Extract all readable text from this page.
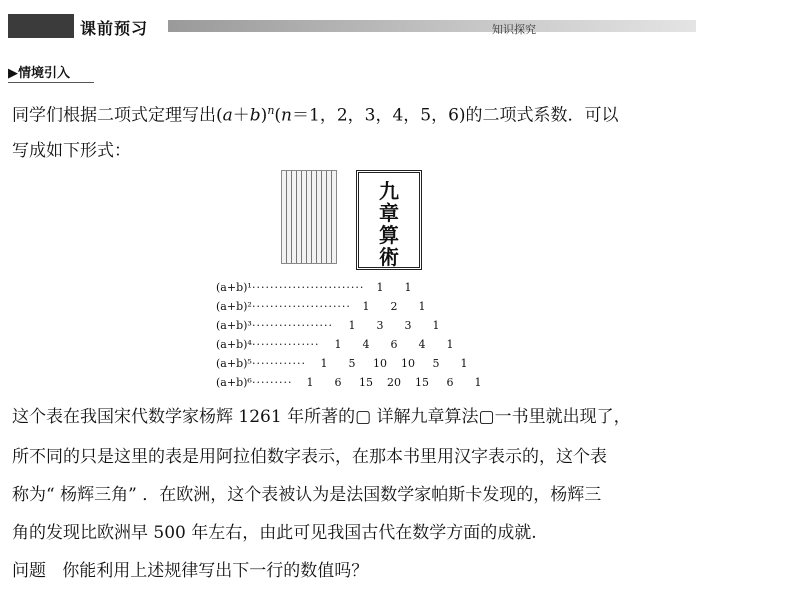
课前预习	知识探究
▶情境引入
同学们根据二项式定理写出$(a+b)^n(n=1$，2，3，4，5，6)的二项式系数．可以
写成如下形式：
九
章
算
術
(a+b)¹ ·························	1	1
(a+b)² ······················	1	2	1
(a+b)³ ··················	1	3	3	1
(a+b)⁴ ···············	1	4	6	4	1
(a+b)⁵ ············	1	5	10 10	5	1
(a+b)⁶ ·········	1	6	15 20 15	6	1
这个表在我国宋代数学家杨辉 1261 年所著的▢ 详解九章算法▢一书里就出现了，
所不同的只是这里的表是用阿拉伯数字表示，在那本书里用汉字表示的，这个表
称为“ 杨辉三角” ．在欧洲，这个表被认为是法国数学家帕斯卡发现的，杨辉三
角的发现比欧洲早 500 年左右，由此可见我国古代在数学方面的成就.
问题 你能利用上述规律写出下一行的数值吗？
